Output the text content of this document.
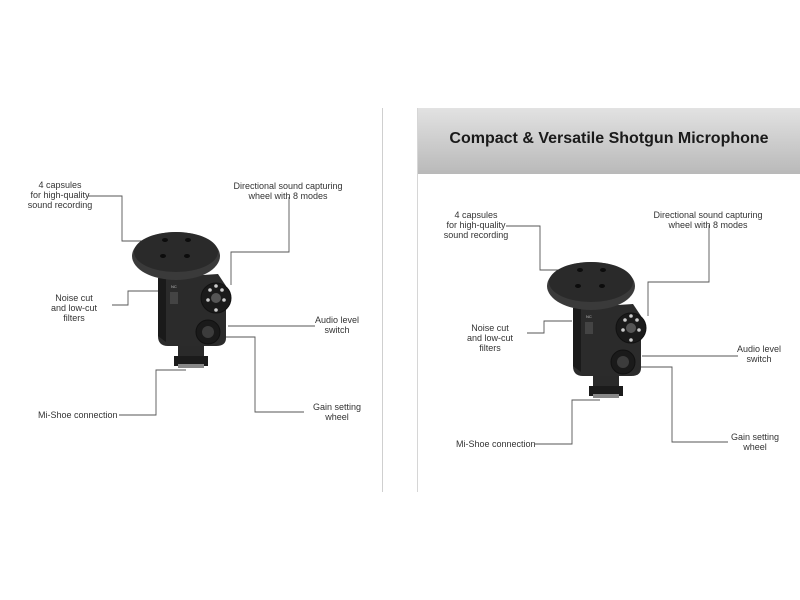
NC
4 capsules
for high-quality
sound recording
Directional sound capturing
wheel with 8 modes
Noise cut
and low-cut
filters	Audio level
switch
Mi-Shoe connection
Gain setting
wheel
Compact & Versatile Shotgun Microphone
NC
4 capsules
for high-quality
sound recording
Directional sound capturing
wheel with 8 modes
Noise cut
and low-cut
filters	Audio level
switch
Mi-Shoe connection
Gain setting
wheel
